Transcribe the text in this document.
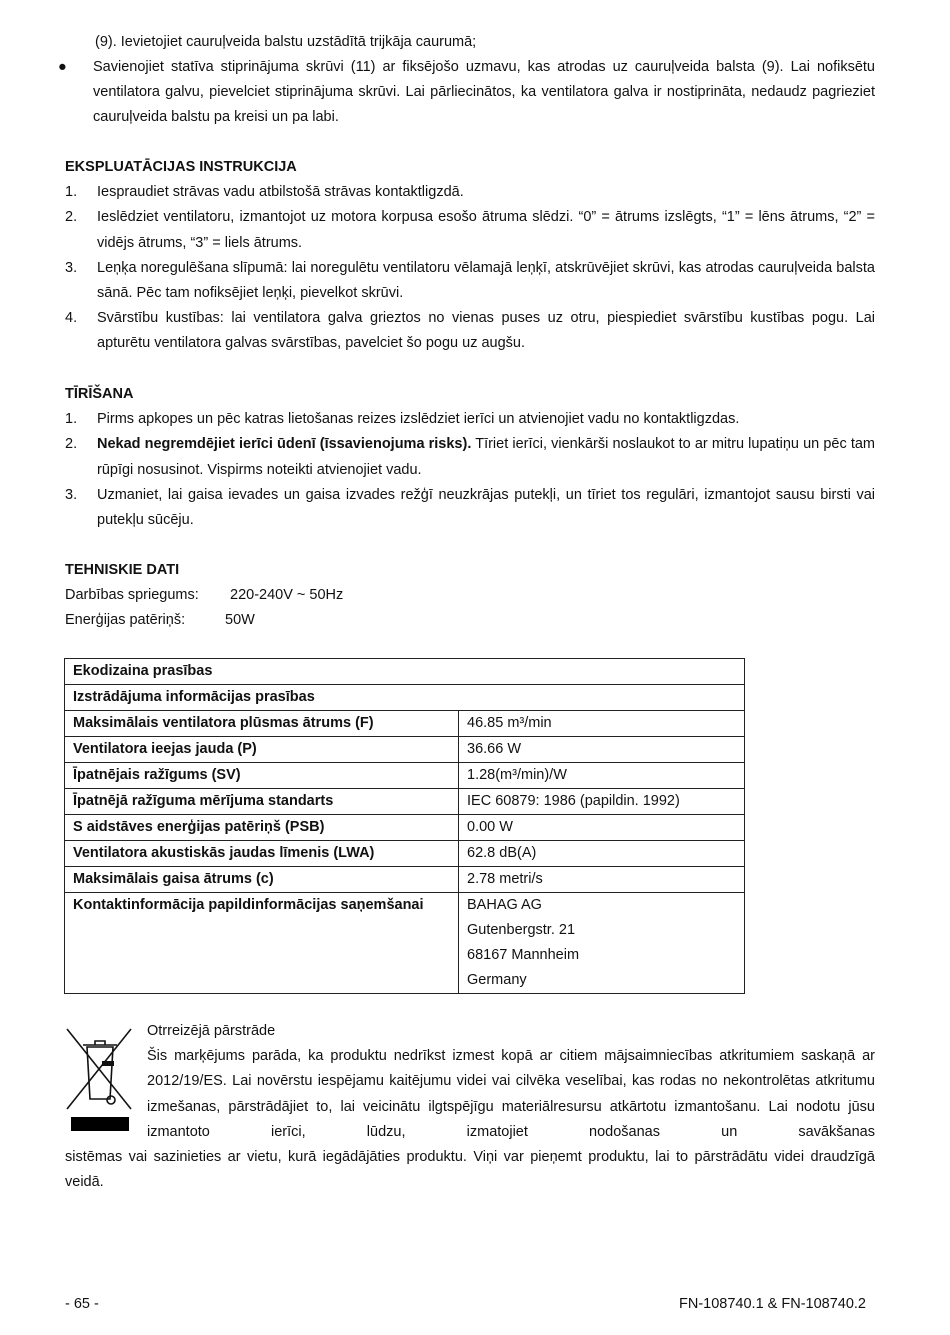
(9). Ievietojiet cauruļveida balstu uzstādītā trijkāja caurumā;

● Savienojiet statīva stiprinājuma skrūvi (11) ar fiksējošo uzmavu, kas atrodas uz cauruļveida balsta (9). Lai nofiksētu ventilatora galvu, pievelciet stiprinājuma skrūvi. Lai pārliecinātos, ka ventilatora galva ir nostiprināta, nedaudz pagrieziet cauruļveida balstu pa kreisi un pa labi.
EKSPLUATĀCIJAS INSTRUKCIJA
1. Iespraudiet strāvas vadu atbilstošā strāvas kontaktligzdā.
2. Ieslēdziet ventilatoru, izmantojot uz motora korpusa esošo ātruma slēdzi. “0” = ātrums izslēgts, “1” = lēns ātrums, “2” = vidējs ātrums, “3” = liels ātrums.
3. Leņķa noregulēšana slīpumā: lai noregulētu ventilatoru vēlamajā leņķī, atskrūvējiet skrūvi, kas atrodas cauruļveida balsta sānā. Pēc tam nofiksējiet leņķi, pievelkot skrūvi.
4. Svārstību kustības: lai ventilatora galva grieztos no vienas puses uz otru, piespiediet svārstību kustības pogu. Lai apturētu ventilatora galvas svārstības, pavelciet šo pogu uz augšu.
TĪRĪŠANA
1. Pirms apkopes un pēc katras lietošanas reizes izslēdziet ierīci un atvienojiet vadu no kontaktligzdas.
2. Nekad negremdējiet ierīci ūdenī (īssavienojuma risks). Tīriet ierīci, vienkārši noslaukot to ar mitru lupatiņu un pēc tam rūpīgi nosusinot. Vispirms noteikti atvienojiet vadu.
3. Uzmaniet, lai gaisa ievades un gaisa izvades režģī neuzkrājas putekļi, un tīriet tos regulāri, izmantojot sausu birsti vai putekļu sūcēju.
TEHNISKIE DATI

Darbības spriegums: 220-240V ~ 50Hz

Enerģijas patēriņš:	50W

Ekodizaina prasības	
Izstrādājuma informācijas prasības	
Maksimālais ventilatora plūsmas ātrums (F)	46.85 m³/min
Ventilatora ieejas jauda (P)	36.66 W
Īpatnējais ražīgums (SV)	1.28(m³/min)/W
Īpatnējā ražīguma mērījuma standarts	IEC 60879: 1986 (papildin. 1992)
S aidstāves enerģijas patēriņš (PSB)	0.00 W
Ventilatora akustiskās jaudas līmenis (LWA)	62.8 dB(A)
Maksimālais gaisa ātrums (c)	2.78 metri/s
Kontaktinformācija papildinformācijas saņemšanai	BAHAG AG
Gutenbergstr. 21
68167 Mannheim
Germany

Otrreizējā pārstrāde

Šis marķējums parāda, ka produktu nedrīkst izmest kopā ar citiem mājsaimniecības atkritumiem saskaņā ar 2012/19/ES. Lai novērstu iespējamu kaitējumu videi vai cilvēka veselībai, kas rodas no nekontrolētas atkritumu izmešanas, pārstrādājiet to, lai veicinātu ilgtspējīgu materiālresursu atkārtotu izmantošanu. Lai nodotu jūsu izmantoto ierīci, lūdzu, izmatojiet nodošanas un savākšanas

sistēmas vai sazinieties ar vietu, kurā iegādājāties produktu. Viņi var pieņemt produktu, lai to pārstrādātu videi draudzīgā veidā.

- 65 -	FN-108740.1 & FN-108740.2
